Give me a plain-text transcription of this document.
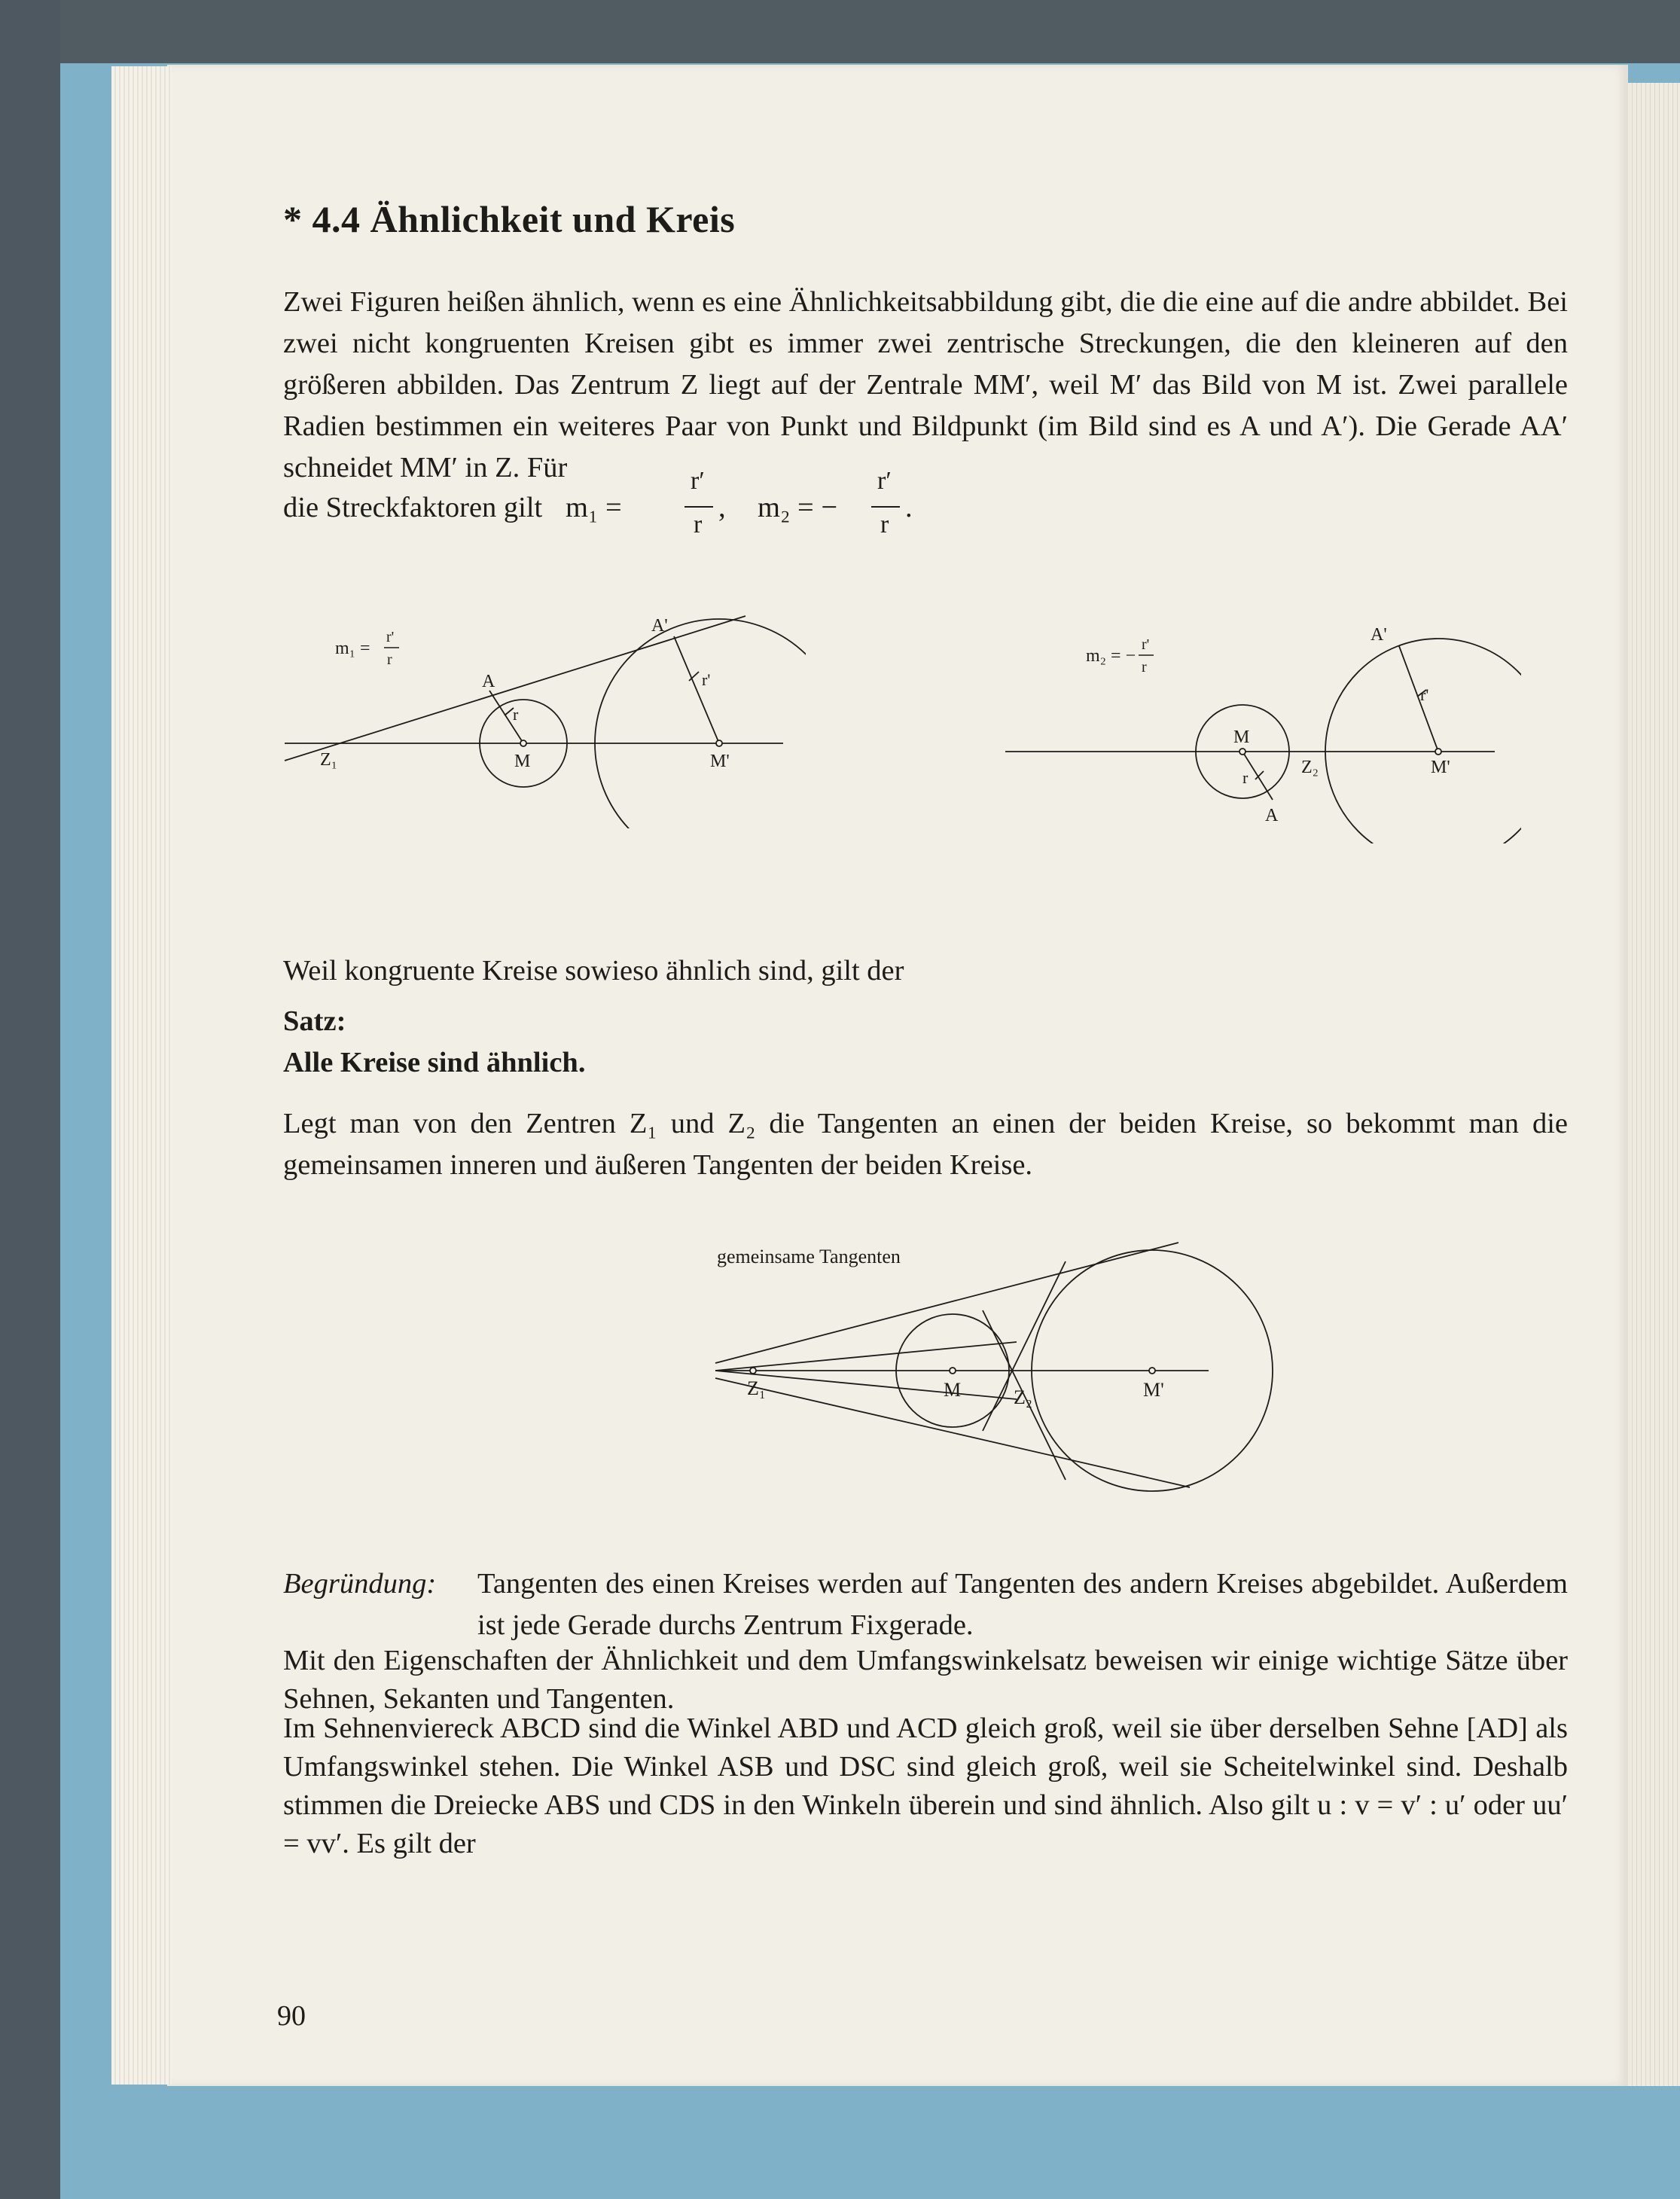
* 4.4 Ähnlichkeit und Kreis
Zwei Figuren heißen ähnlich, wenn es eine Ähnlichkeitsabbildung gibt, die die eine auf die andre abbildet. Bei zwei nicht kongruenten Kreisen gibt es immer zwei zentrische Streckungen, die den kleineren auf den größeren abbilden. Das Zentrum Z liegt auf der Zentrale MM′, weil M′ das Bild von M ist. Zwei parallele Radien bestimmen ein weiteres Paar von Punkt und Bildpunkt (im Bild sind es A und A′). Die Gerade AA′ schneidet MM′ in Z. Für
die Streckfaktoren gilt m₁ =
r′
r
, m₂ = −
r′
r
.
m₁ =
r'
r
A'
A	r'
r
Z₁	M	M'
m₂ = −
r'
r
A'
r'
M
r
Z₂	M'
A
Weil kongruente Kreise sowieso ähnlich sind, gilt der
Satz:
Alle Kreise sind ähnlich.
Legt man von den Zentren Z₁ und Z₂ die Tangenten an einen der beiden Kreise, so bekommt man die gemeinsamen inneren und äußeren Tangenten der beiden Kreise.
gemeinsame Tangenten
Z₁	M	Z₂	M'
Begründung:	Tangenten des einen Kreises werden auf Tangenten des andern Kreises abgebildet. Außerdem ist jede Gerade durchs Zentrum Fixgerade.
Mit den Eigenschaften der Ähnlichkeit und dem Umfangswinkelsatz beweisen wir einige wichtige Sätze über Sehnen, Sekanten und Tangenten.
Im Sehnenviereck ABCD sind die Winkel ABD und ACD gleich groß, weil sie über derselben Sehne [AD] als Umfangswinkel stehen. Die Winkel ASB und DSC sind gleich groß, weil sie Scheitelwinkel sind. Deshalb stimmen die Dreiecke ABS und CDS in den Winkeln überein und sind ähnlich. Also gilt u : v = v′ : u′ oder uu′ = vv′. Es gilt der
90
